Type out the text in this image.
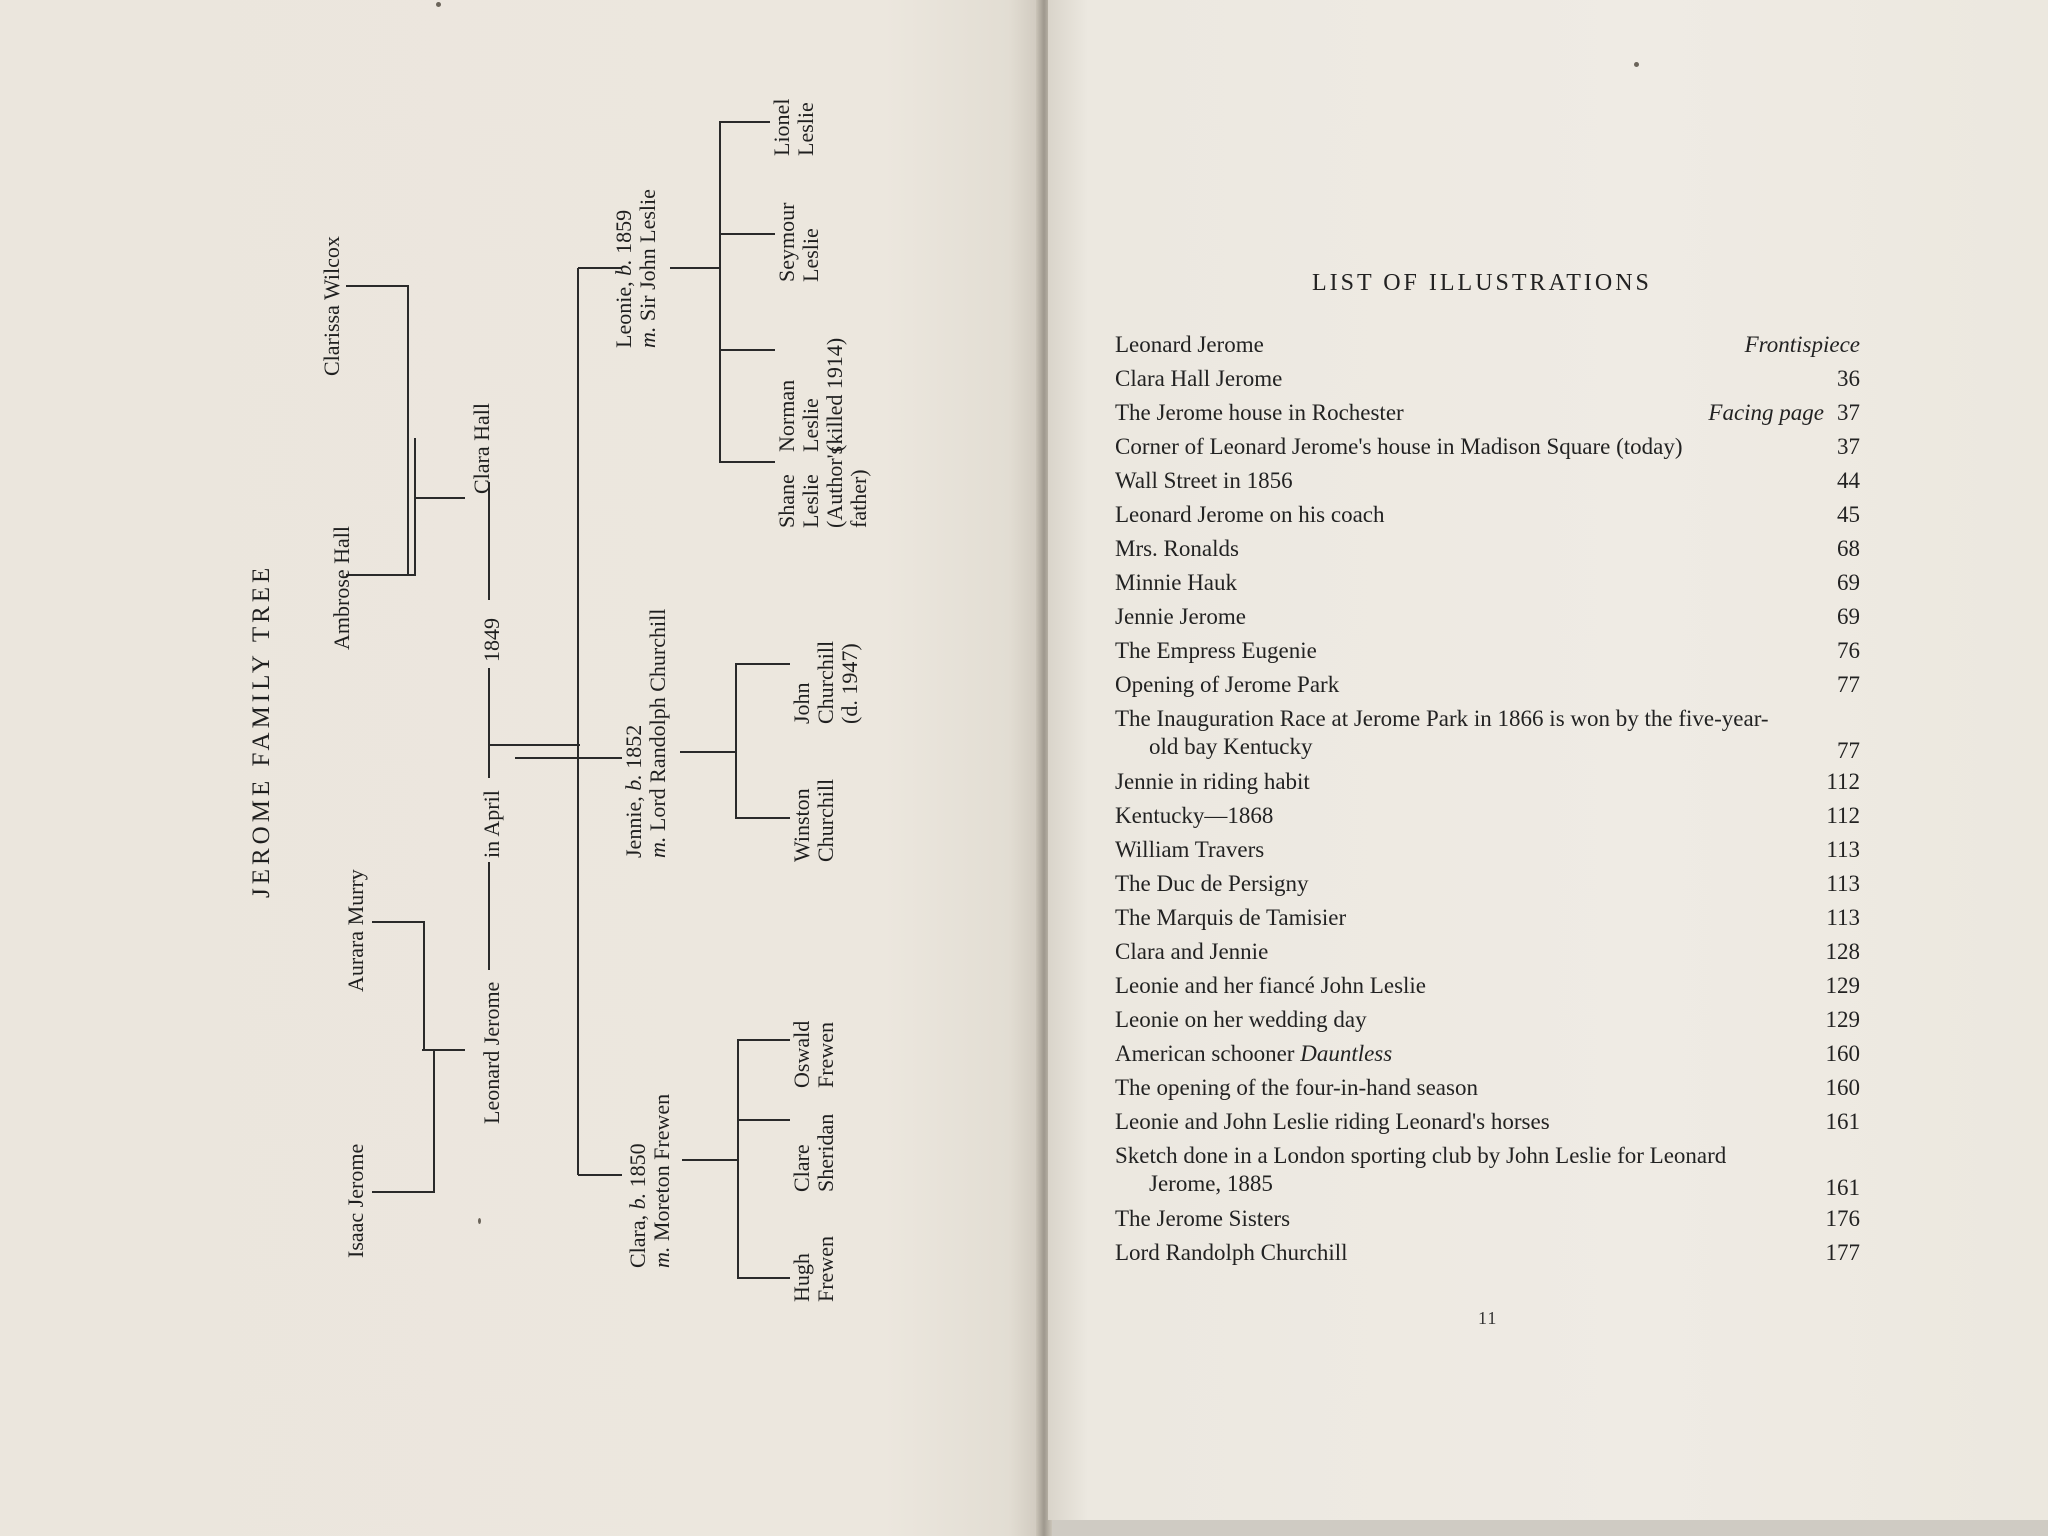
JEROME FAMILY TREE
Isaac Jerome
Aurara Murry
Leonard Jerome
in April
1849
Ambrose Hall
Clarissa Wilcox
Clara Hall
Clara, b. 1850
m. Moreton Frewen
Jennie, b. 1852
m. Lord Randolph Churchill
Leonie, b. 1859
m. Sir John Leslie
Hugh Frewen
Clare Sheridan
Oswald Frewen
Winston Churchill
John Churchill (d. 1947)
Shane Leslie (Author's father)
Norman Leslie (killed 1914)
Seymour Leslie
Lionel Leslie
LIST OF ILLUSTRATIONS
Leonard Jerome	Frontispiece
Clara Hall Jerome	36
The Jerome house in Rochester	Facing page 37
Corner of Leonard Jerome's house in Madison Square (today)	37
Wall Street in 1856	44
Leonard Jerome on his coach	45
Mrs. Ronalds	68
Minnie Hauk	69
Jennie Jerome	69
The Empress Eugenie	76
Opening of Jerome Park	77
The Inauguration Race at Jerome Park in 1866 is won by the five-year-
old bay Kentucky	77
Jennie in riding habit	112
Kentucky—1868	112
William Travers	113
The Duc de Persigny	113
The Marquis de Tamisier	113
Clara and Jennie	128
Leonie and her fiancé John Leslie	129
Leonie on her wedding day	129
American schooner Dauntless	160
The opening of the four-in-hand season	160
Leonie and John Leslie riding Leonard's horses	161
Sketch done in a London sporting club by John Leslie for Leonard
Jerome, 1885	161
The Jerome Sisters	176
Lord Randolph Churchill	177
11
